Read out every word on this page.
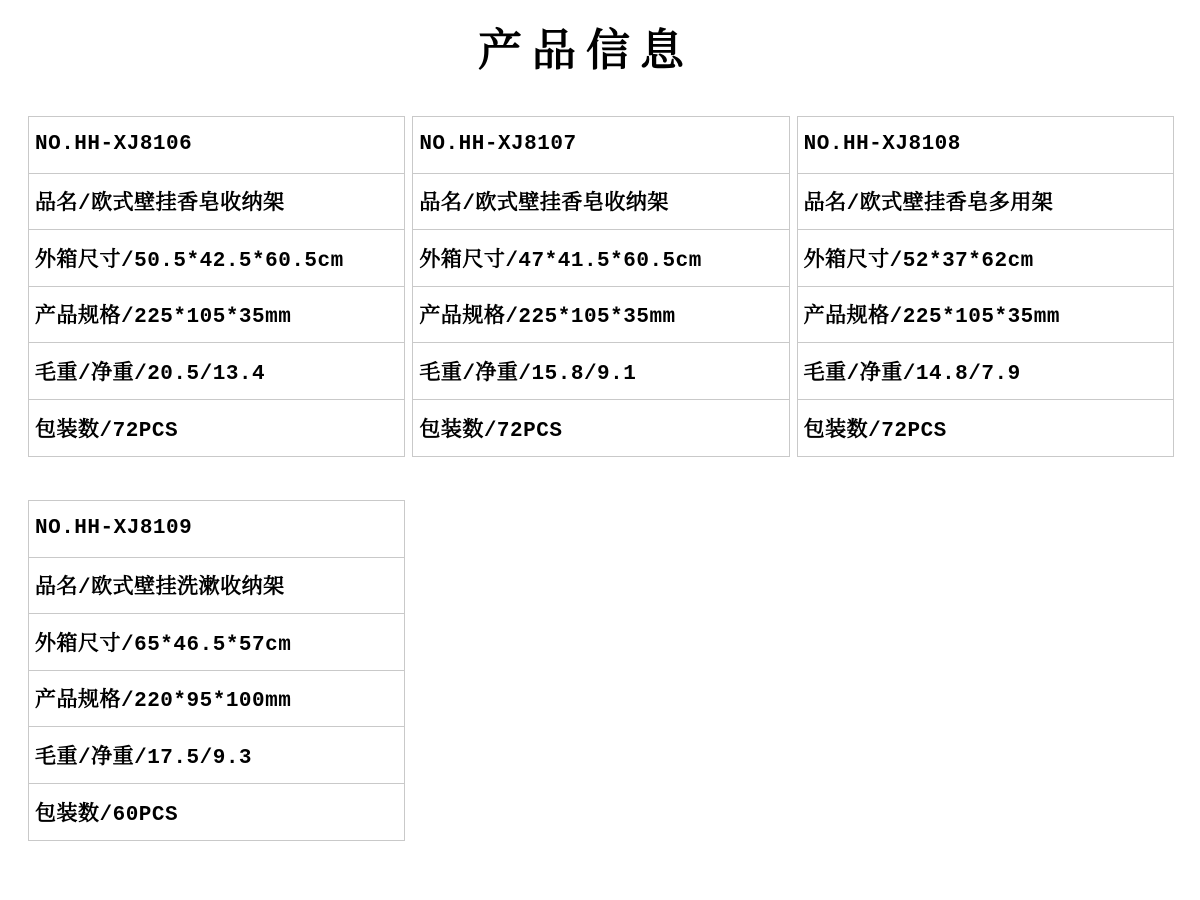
产品信息
NO.HH-XJ8106
品名/欧式壁挂香皂收纳架
外箱尺寸/50.5*42.5*60.5cm
产品规格/225*105*35mm
毛重/净重/20.5/13.4
包装数/72PCS
NO.HH-XJ8107
品名/欧式壁挂香皂收纳架
外箱尺寸/47*41.5*60.5cm
产品规格/225*105*35mm
毛重/净重/15.8/9.1
包装数/72PCS
NO.HH-XJ8108
品名/欧式壁挂香皂多用架
外箱尺寸/52*37*62cm
产品规格/225*105*35mm
毛重/净重/14.8/7.9
包装数/72PCS
NO.HH-XJ8109
品名/欧式壁挂洗漱收纳架
外箱尺寸/65*46.5*57cm
产品规格/220*95*100mm
毛重/净重/17.5/9.3
包装数/60PCS
